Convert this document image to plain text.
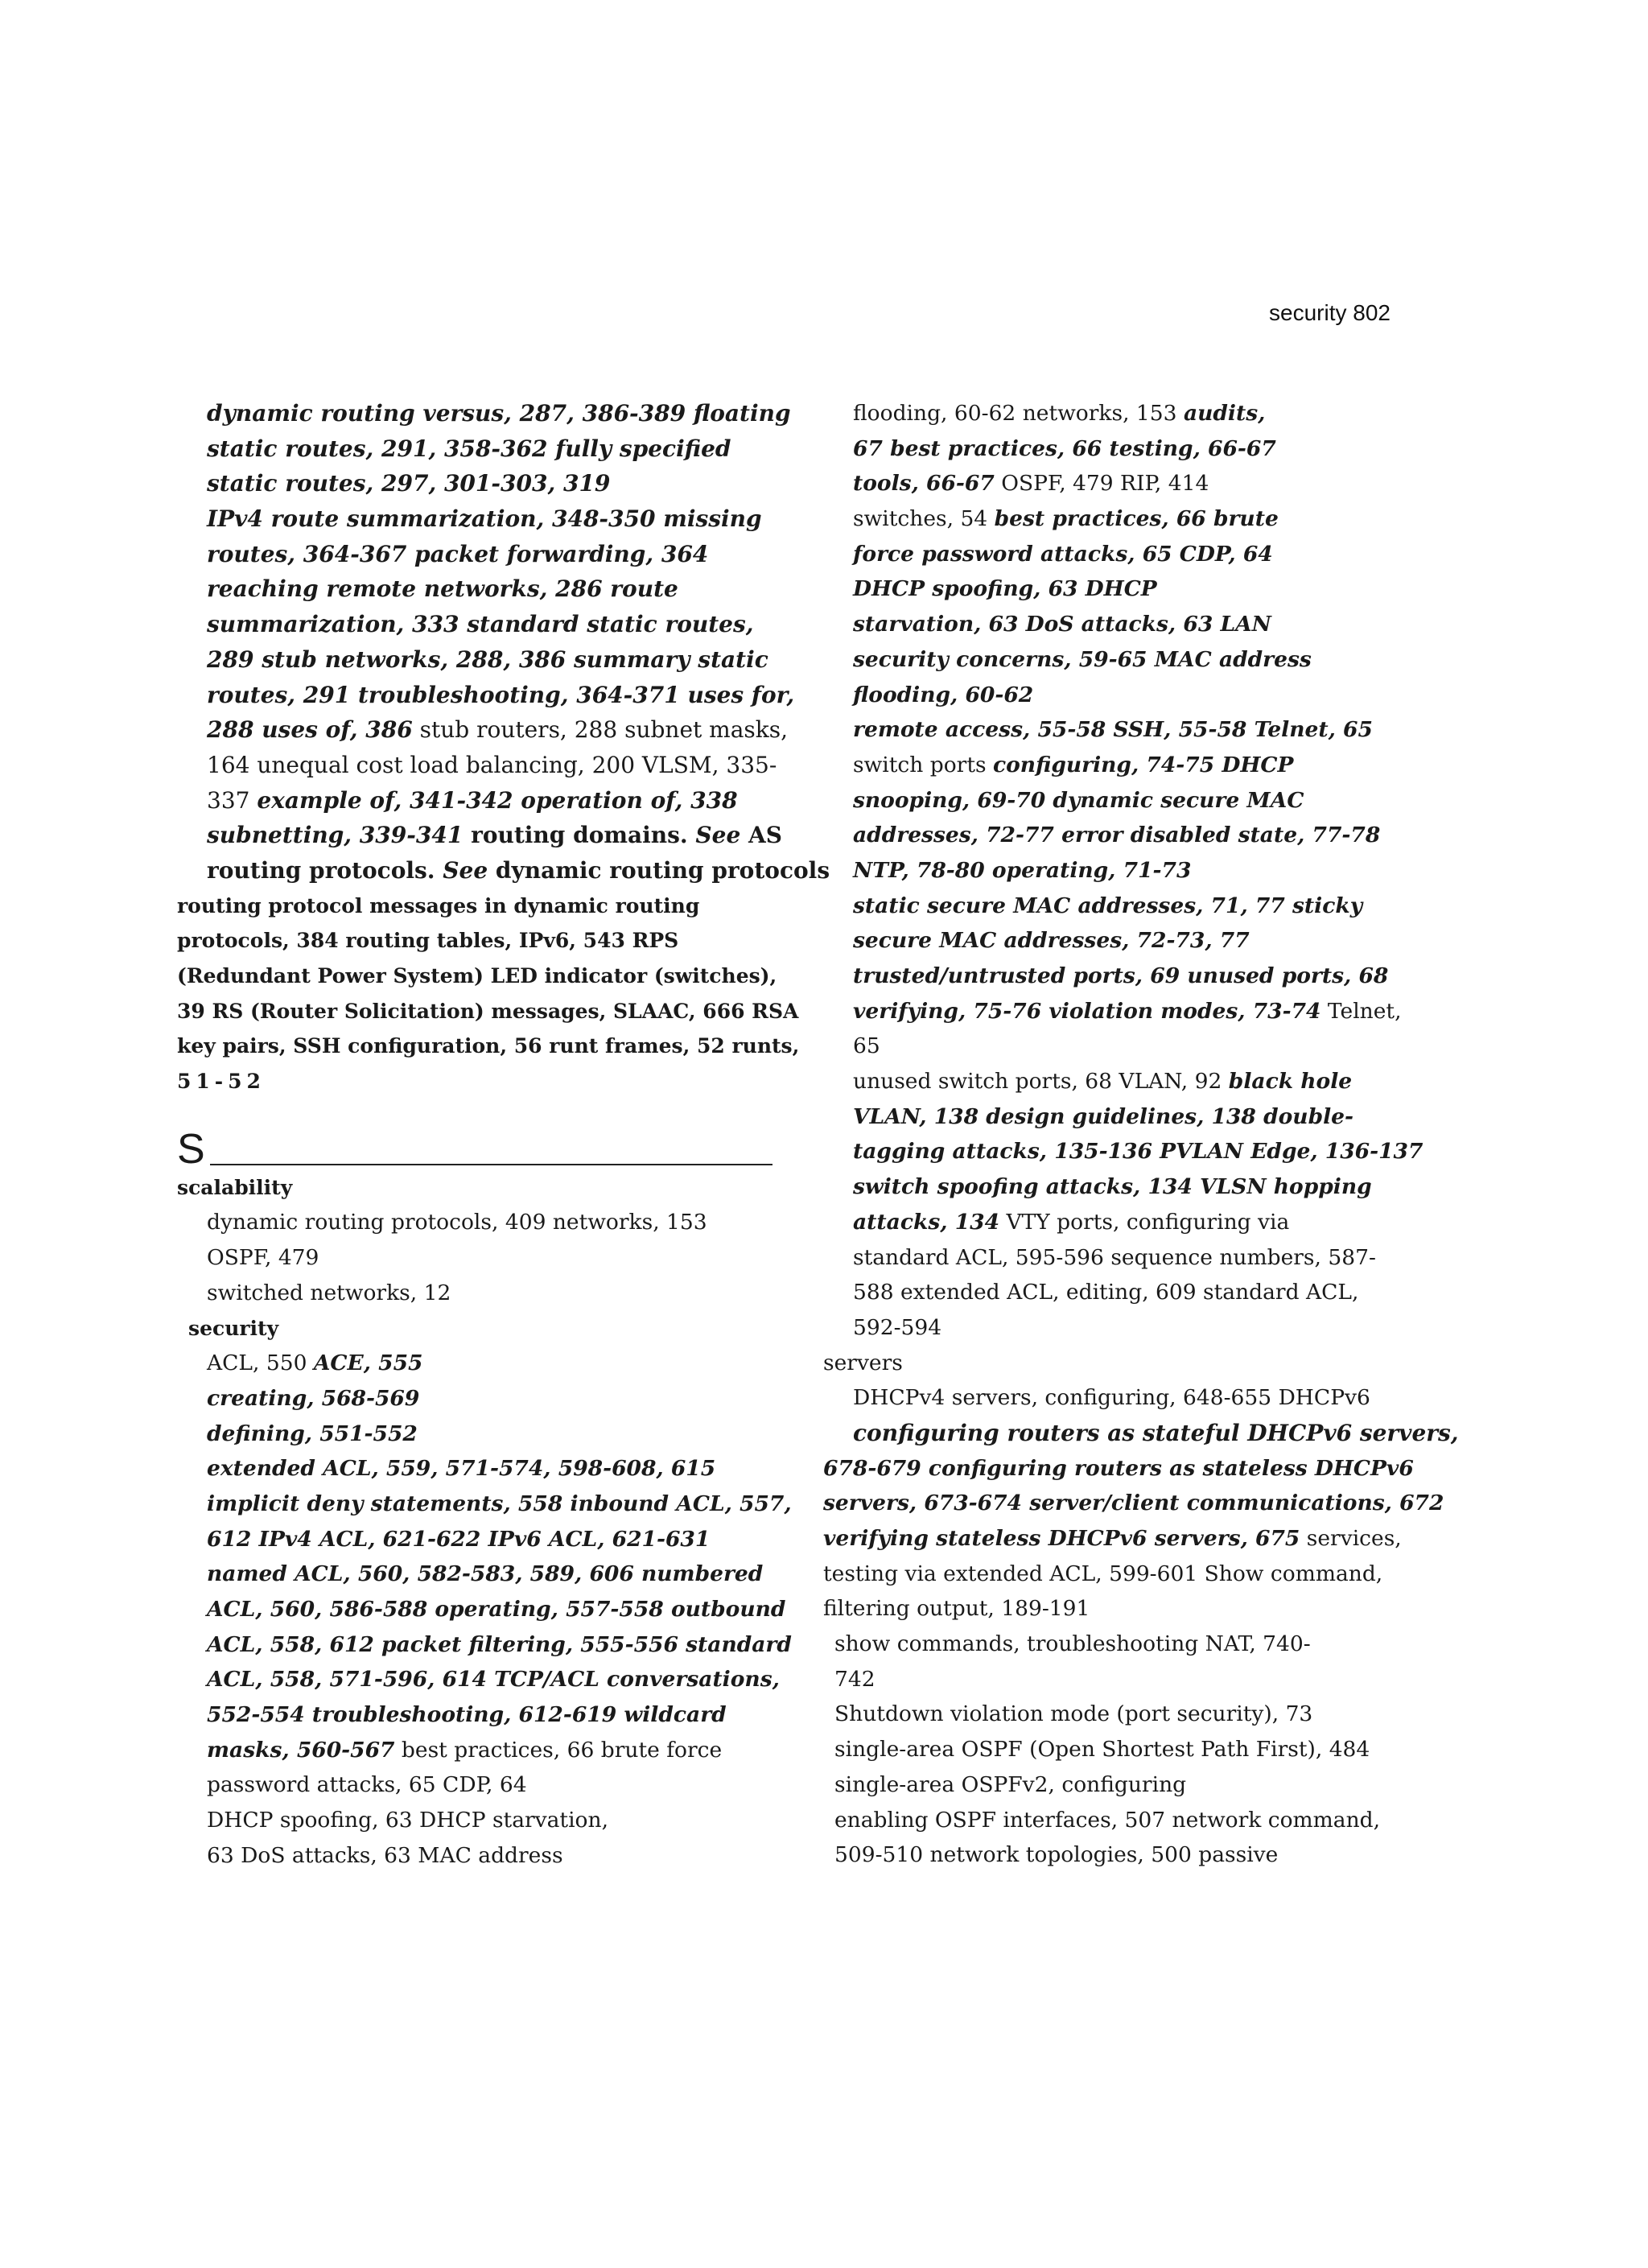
security 802
dynamic routing versus, 287, 386-389 floating
static routes, 291, 358-362 fully specified
static routes, 297, 301-303, 319
IPv4 route summarization, 348-350 missing
routes, 364-367 packet forwarding, 364
reaching remote networks, 286 route
summarization, 333 standard static routes,
289 stub networks, 288, 386 summary static
routes, 291 troubleshooting, 364-371 uses for,
288 uses of, 386 stub routers, 288 subnet masks,
164 unequal cost load balancing, 200 VLSM, 335-
337 example of, 341-342 operation of, 338
subnetting, 339-341 routing domains. See AS
routing protocols. See dynamic routing protocols
routing protocol messages in dynamic routing
protocols, 384 routing tables, IPv6, 543 RPS
(Redundant Power System) LED indicator (switches),
39 RS (Router Solicitation) messages, SLAAC, 666 RSA
key pairs, SSH configuration, 56 runt frames, 52 runts,
51-52
S
scalability
dynamic routing protocols, 409 networks, 153
OSPF, 479
switched networks, 12
security
ACL, 550 ACE, 555
creating, 568-569
defining, 551-552
extended ACL, 559, 571-574, 598-608, 615
implicit deny statements, 558 inbound ACL, 557,
612 IPv4 ACL, 621-622 IPv6 ACL, 621-631
named ACL, 560, 582-583, 589, 606 numbered
ACL, 560, 586-588 operating, 557-558 outbound
ACL, 558, 612 packet filtering, 555-556 standard
ACL, 558, 571-596, 614 TCP/ACL conversations,
552-554 troubleshooting, 612-619 wildcard
masks, 560-567 best practices, 66 brute force
password attacks, 65 CDP, 64
DHCP spoofing, 63 DHCP starvation,
63 DoS attacks, 63 MAC address
flooding, 60-62 networks, 153 audits,
67 best practices, 66 testing, 66-67
tools, 66-67 OSPF, 479 RIP, 414
switches, 54 best practices, 66 brute
force password attacks, 65 CDP, 64
DHCP spoofing, 63 DHCP
starvation, 63 DoS attacks, 63 LAN
security concerns, 59-65 MAC address
flooding, 60-62
remote access, 55-58 SSH, 55-58 Telnet, 65
switch ports configuring, 74-75 DHCP
snooping, 69-70 dynamic secure MAC
addresses, 72-77 error disabled state, 77-78
NTP, 78-80 operating, 71-73
static secure MAC addresses, 71, 77 sticky
secure MAC addresses, 72-73, 77
trusted/untrusted ports, 69 unused ports, 68
verifying, 75-76 violation modes, 73-74 Telnet,
65
unused switch ports, 68 VLAN, 92 black hole
VLAN, 138 design guidelines, 138 double-
tagging attacks, 135-136 PVLAN Edge, 136-137
switch spoofing attacks, 134 VLSN hopping
attacks, 134 VTY ports, configuring via
standard ACL, 595-596 sequence numbers, 587-
588 extended ACL, editing, 609 standard ACL,
592-594
servers
DHCPv4 servers, configuring, 648-655 DHCPv6
configuring routers as stateful DHCPv6 servers,
678-679 configuring routers as stateless DHCPv6
servers, 673-674 server/client communications, 672
verifying stateless DHCPv6 servers, 675 services,
testing via extended ACL, 599-601 Show command,
filtering output, 189-191
show commands, troubleshooting NAT, 740-
742
Shutdown violation mode (port security), 73
single-area OSPF (Open Shortest Path First), 484
single-area OSPFv2, configuring
enabling OSPF interfaces, 507 network command,
509-510 network topologies, 500 passive
